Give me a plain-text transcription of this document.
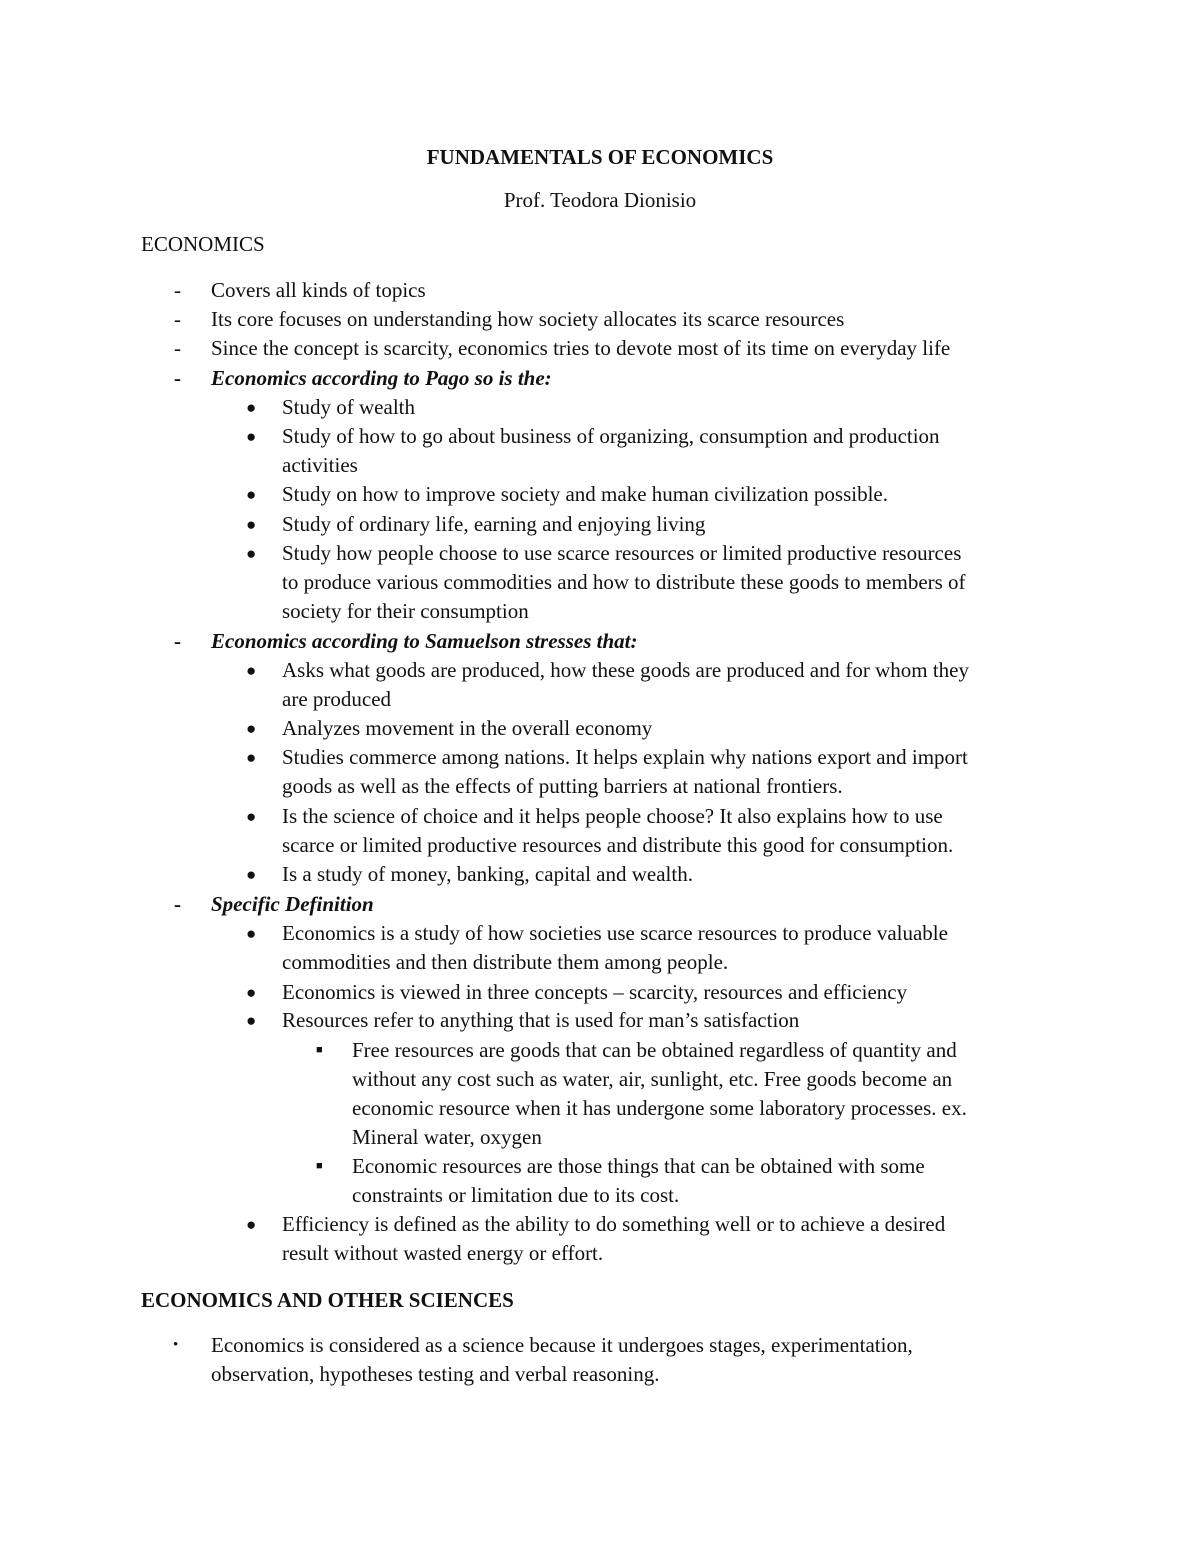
FUNDAMENTALS OF ECONOMICS
Prof. Teodora Dionisio
ECONOMICS
- Covers all kinds of topics
- Its core focuses on understanding how society allocates its scarce resources
- Since the concept is scarcity, economics tries to devote most of its time on everyday life
- Economics according to Pago so is the:
● Study of wealth
● Study of how to go about business of organizing, consumption and production
activities
● Study on how to improve society and make human civilization possible.
● Study of ordinary life, earning and enjoying living
● Study how people choose to use scarce resources or limited productive resources
to produce various commodities and how to distribute these goods to members of
society for their consumption
- Economics according to Samuelson stresses that:
● Asks what goods are produced, how these goods are produced and for whom they
are produced
● Analyzes movement in the overall economy
● Studies commerce among nations. It helps explain why nations export and import
goods as well as the effects of putting barriers at national frontiers.
● Is the science of choice and it helps people choose? It also explains how to use
scarce or limited productive resources and distribute this good for consumption.
● Is a study of money, banking, capital and wealth.
- Specific Definition
● Economics is a study of how societies use scarce resources to produce valuable
commodities and then distribute them among people.
● Economics is viewed in three concepts – scarcity, resources and efficiency
● Resources refer to anything that is used for man’s satisfaction
■ Free resources are goods that can be obtained regardless of quantity and
without any cost such as water, air, sunlight, etc. Free goods become an
economic resource when it has undergone some laboratory processes. ex.
Mineral water, oxygen
■ Economic resources are those things that can be obtained with some
constraints or limitation due to its cost.
● Efficiency is defined as the ability to do something well or to achieve a desired
result without wasted energy or effort.
ECONOMICS AND OTHER SCIENCES
• Economics is considered as a science because it undergoes stages, experimentation,
observation, hypotheses testing and verbal reasoning.
